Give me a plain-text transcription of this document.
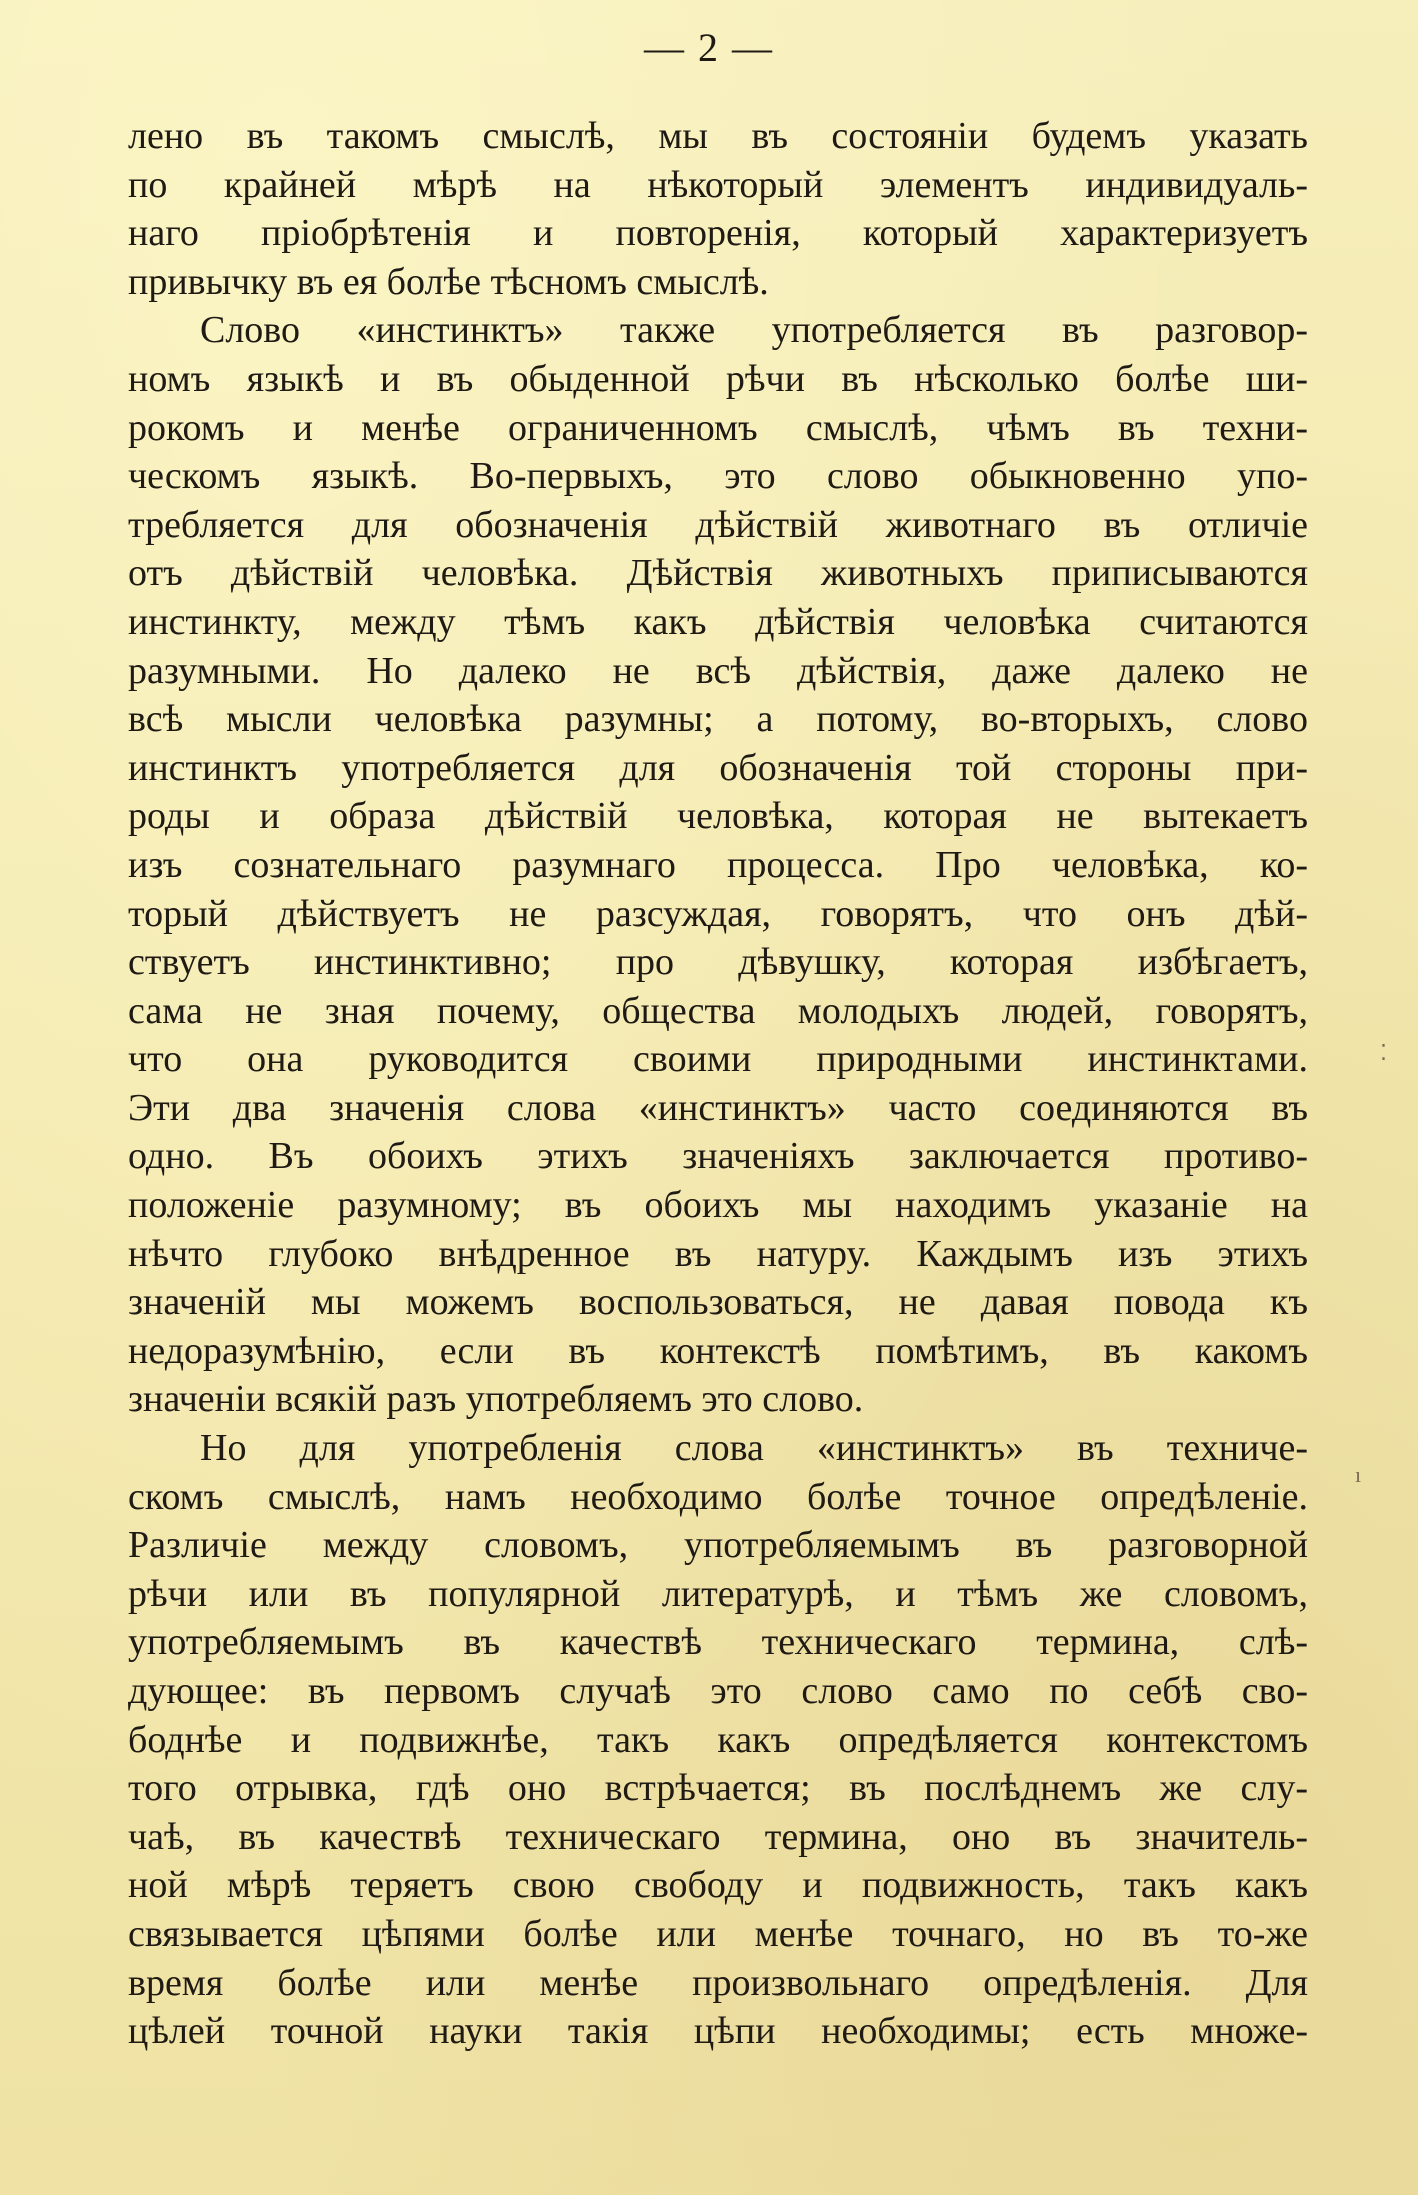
— 2 —
лено въ такомъ смыслѣ, мы въ состояніи будемъ указать
по крайней мѣрѣ на нѣкоторый элементъ индивидуаль-
наго пріобрѣтенія и повторенія, который характеризуетъ
привычку въ ея болѣе тѣсномъ смыслѣ.
Слово «инстинктъ» также употребляется въ разговор-
номъ языкѣ и въ обыденной рѣчи въ нѣсколько болѣе ши-
рокомъ и менѣе ограниченномъ смыслѣ, чѣмъ въ техни-
ческомъ языкѣ. Во-первыхъ, это слово обыкновенно упо-
требляется для обозначенія дѣйствій животнаго въ отличіе
отъ дѣйствій человѣка. Дѣйствія животныхъ приписываются
инстинкту, между тѣмъ какъ дѣйствія человѣка считаются
разумными. Но далеко не всѣ дѣйствія, даже далеко не
всѣ мысли человѣка разумны; а потому, во-вторыхъ, слово
инстинктъ употребляется для обозначенія той стороны при-
роды и образа дѣйствій человѣка, которая не вытекаетъ
изъ сознательнаго разумнаго процесса. Про человѣка, ко-
торый дѣйствуетъ не разсуждая, говорятъ, что онъ дѣй-
ствуетъ инстинктивно; про дѣвушку, которая избѣгаетъ,
сама не зная почему, общества молодыхъ людей, говорятъ,
что она руководится своими природными инстинктами.
Эти два значенія слова «инстинктъ» часто соединяются въ
одно. Въ обоихъ этихъ значеніяхъ заключается противо-
положеніе разумному; въ обоихъ мы находимъ указаніе на
нѣчто глубоко внѣдренное въ натуру. Каждымъ изъ этихъ
значеній мы можемъ воспользоваться, не давая повода къ
недоразумѣнію, если въ контекстѣ помѣтимъ, въ какомъ
значеніи всякій разъ употребляемъ это слово.
Но для употребленія слова «инстинктъ» въ техниче-
скомъ смыслѣ, намъ необходимо болѣе точное опредѣленіе.
Различіе между словомъ, употребляемымъ въ разговорной
рѣчи или въ популярной литературѣ, и тѣмъ же словомъ,
употребляемымъ въ качествѣ техническаго термина, слѣ-
дующее: въ первомъ случаѣ это слово само по себѣ сво-
боднѣе и подвижнѣе, такъ какъ опредѣляется контекстомъ
того отрывка, гдѣ оно встрѣчается; въ послѣднемъ же слу-
чаѣ, въ качествѣ техническаго термина, оно въ значитель-
ной мѣрѣ теряетъ свою свободу и подвижность, такъ какъ
связывается цѣпями болѣе или менѣе точнаго, но въ то-же
время болѣе или менѣе произвольнаго опредѣленія. Для
цѣлей точной науки такія цѣпи необходимы; есть множе-
⁚
ı
